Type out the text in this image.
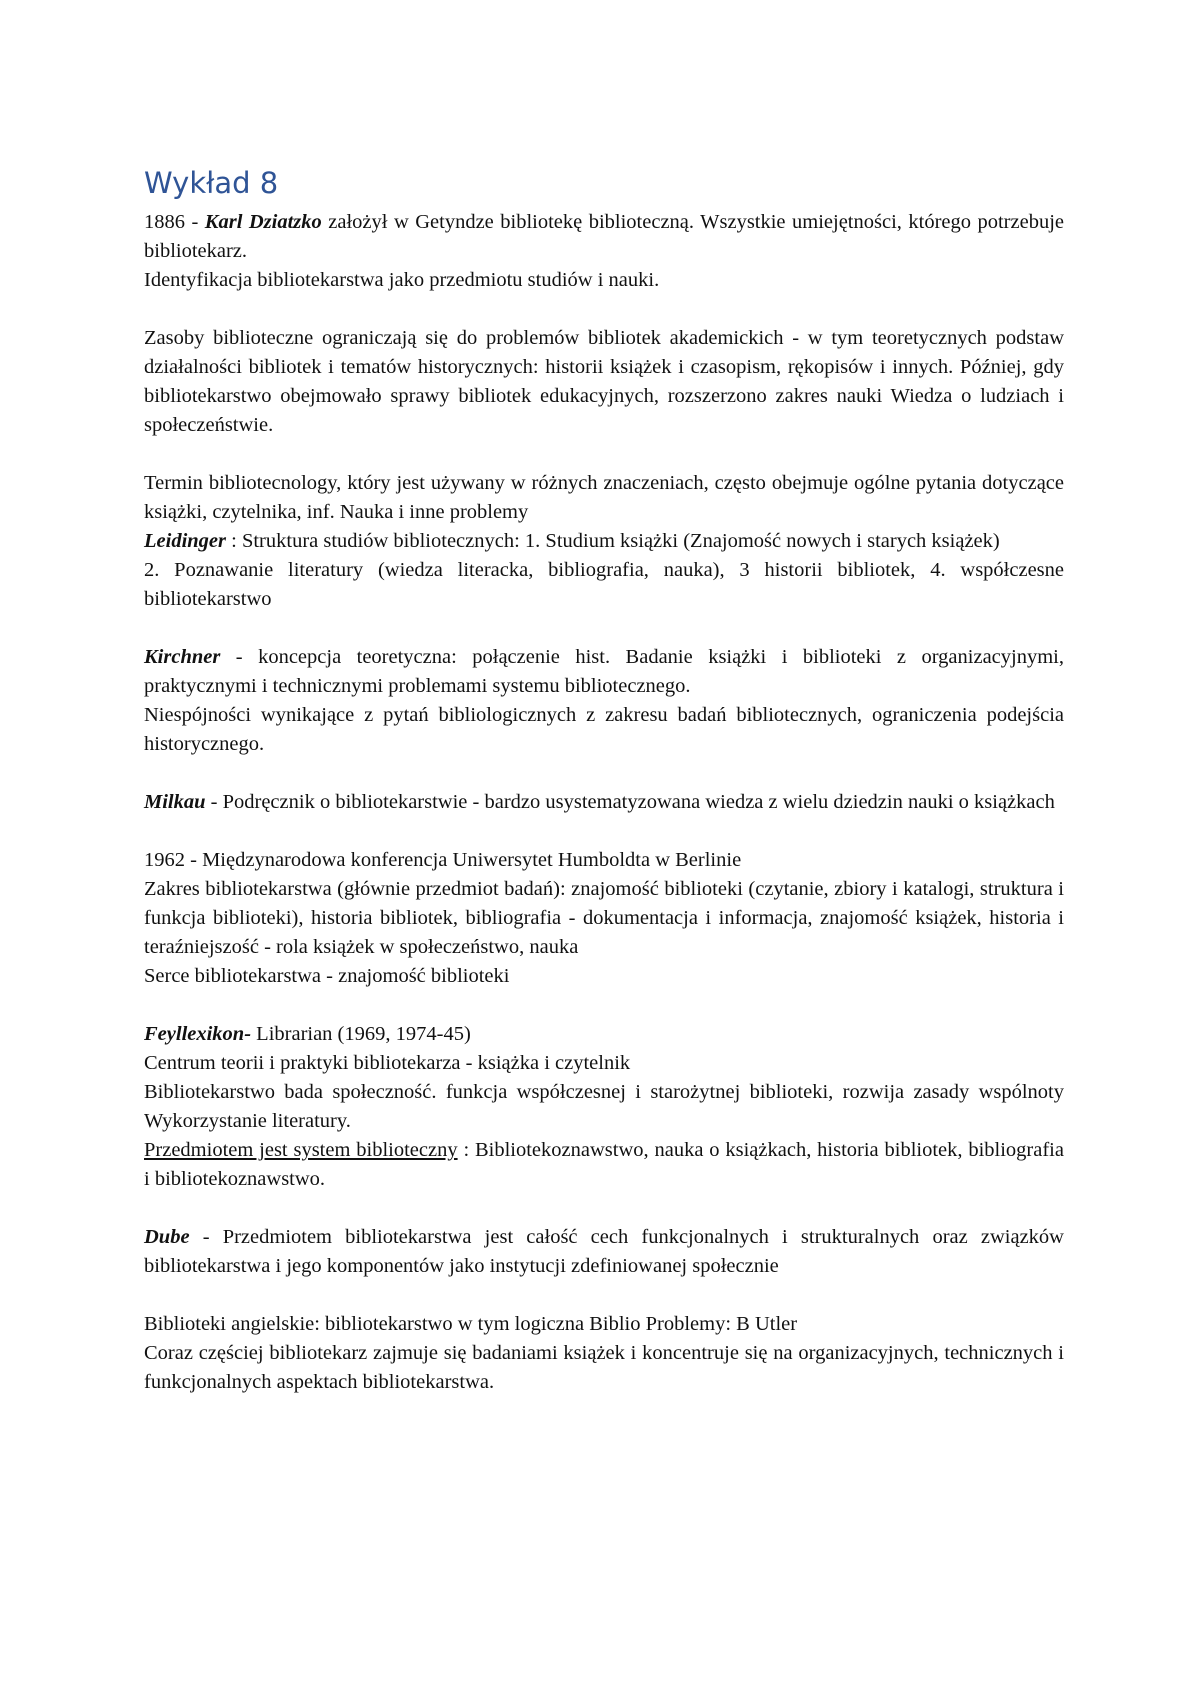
Wykład 8

1886 - Karl Dziatzko założył w Getyndze bibliotekę biblioteczną. Wszystkie umiejętności, którego potrzebuje bibliotekarz.

Identyfikacja bibliotekarstwa jako przedmiotu studiów i nauki.

Zasoby biblioteczne ograniczają się do problemów bibliotek akademickich - w tym teoretycznych podstaw działalności bibliotek i tematów historycznych: historii książek i czasopism, rękopisów i innych. Później, gdy bibliotekarstwo obejmowało sprawy bibliotek edukacyjnych, rozszerzono zakres nauki Wiedza o ludziach i społeczeństwie.

Termin bibliotecnology, który jest używany w różnych znaczeniach, często obejmuje ogólne pytania dotyczące książki, czytelnika, inf. Nauka i inne problemy

Leidinger : Struktura studiów bibliotecznych: 1. Studium książki (Znajomość nowych i starych książek)

2. Poznawanie literatury (wiedza literacka, bibliografia, nauka), 3 historii bibliotek, 4. współczesne bibliotekarstwo

Kirchner - koncepcja teoretyczna: połączenie hist. Badanie książki i biblioteki z organizacyjnymi, praktycznymi i technicznymi problemami systemu bibliotecznego.

Niespójności wynikające z pytań bibliologicznych z zakresu badań bibliotecznych, ograniczenia podejścia historycznego.

Milkau - Podręcznik o bibliotekarstwie - bardzo usystematyzowana wiedza z wielu dziedzin nauki o książkach

1962 - Międzynarodowa konferencja Uniwersytet Humboldta w Berlinie

Zakres bibliotekarstwa (głównie przedmiot badań): znajomość biblioteki (czytanie, zbiory i katalogi, struktura i funkcja biblioteki), historia bibliotek, bibliografia - dokumentacja i informacja, znajomość książek, historia i teraźniejszość - rola książek w społeczeństwo, nauka

Serce bibliotekarstwa - znajomość biblioteki

Feyllexikon- Librarian (1969, 1974-45)

Centrum teorii i praktyki bibliotekarza - książka i czytelnik

Bibliotekarstwo bada społeczność. funkcja współczesnej i starożytnej biblioteki, rozwija zasady wspólnoty Wykorzystanie literatury.

Przedmiotem jest system biblioteczny : Bibliotekoznawstwo, nauka o książkach, historia bibliotek, bibliografia i bibliotekoznawstwo.

Dube - Przedmiotem bibliotekarstwa jest całość cech funkcjonalnych i strukturalnych oraz związków bibliotekarstwa i jego komponentów jako instytucji zdefiniowanej społecznie

Biblioteki angielskie: bibliotekarstwo w tym logiczna Biblio Problemy: B Utler

Coraz częściej bibliotekarz zajmuje się badaniami książek i koncentruje się na organizacyjnych, technicznych i funkcjonalnych aspektach bibliotekarstwa.
